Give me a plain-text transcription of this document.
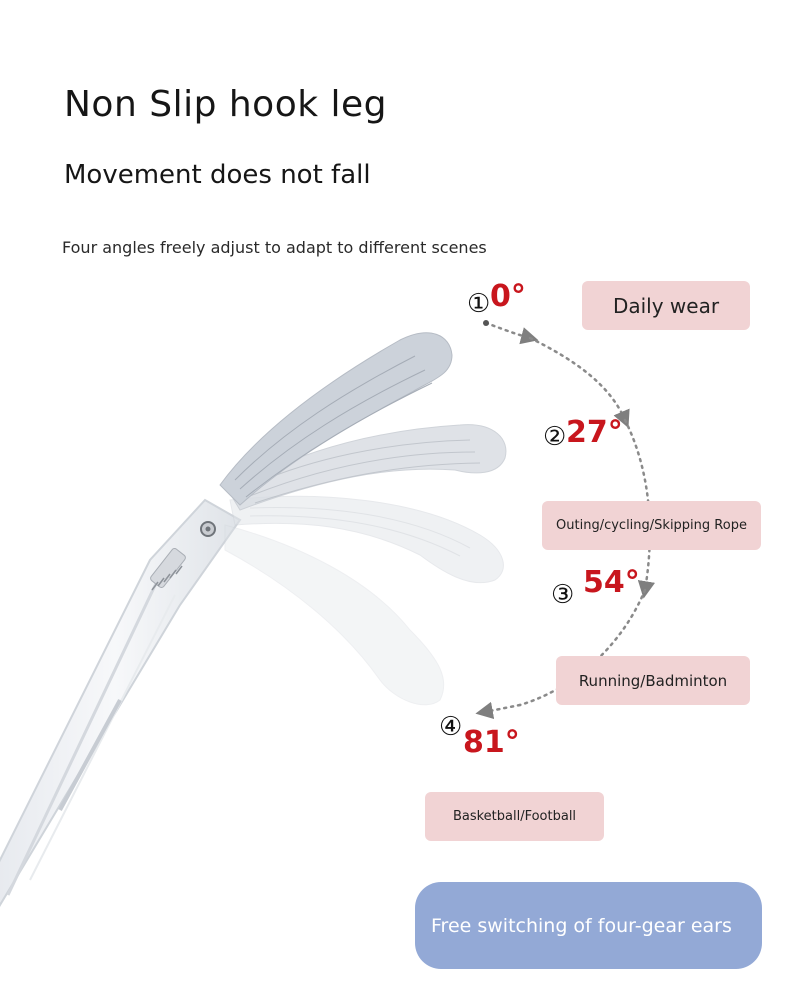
Non Slip hook leg
Movement does not fall
Four angles freely adjust to adapt to different scenes
① 0°
② 27°
③ 54°
④ 81°
Daily wear
Outing/cycling/Skipping Rope
Running/Badminton
Basketball/Football
Free switching of four-gear ears
